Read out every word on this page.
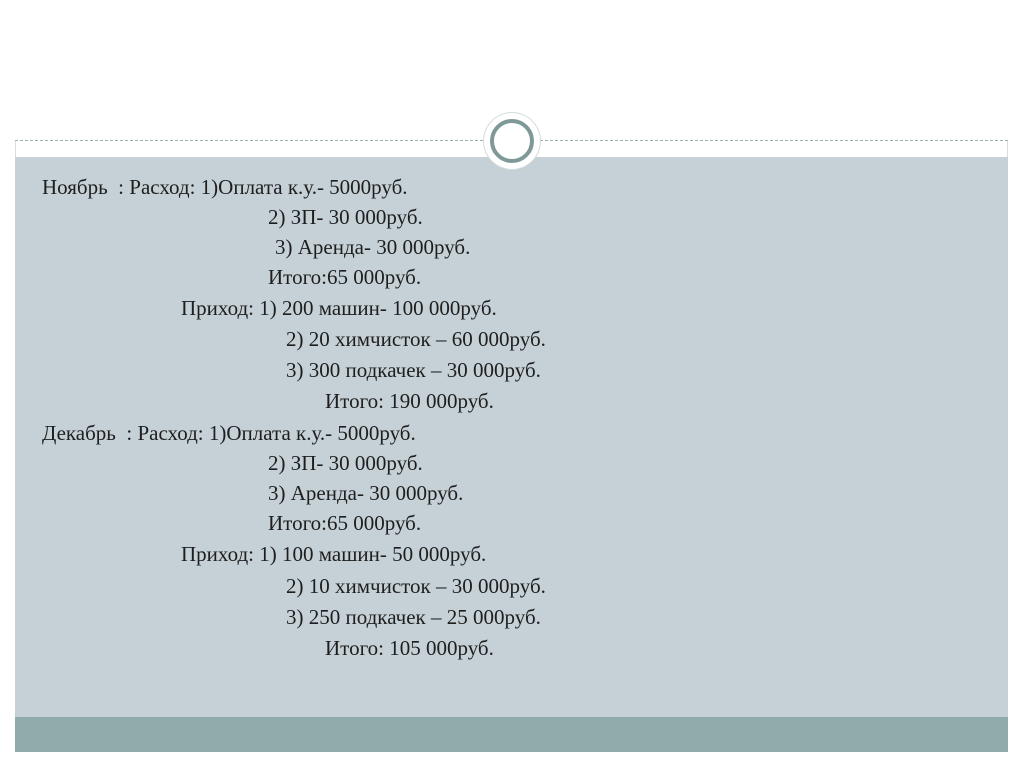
Ноябрь  : Расход: 1)Оплата к.у.- 5000руб.
2) ЗП- 30 000руб.
3) Аренда- 30 000руб.
Итого:65 000руб.
Приход: 1) 200 машин- 100 000руб.
2) 20 химчисток – 60 000руб.
3) 300 подкачек – 30 000руб.
Итого: 190 000руб.
Декабрь  : Расход: 1)Оплата к.у.- 5000руб.
2) ЗП- 30 000руб.
3) Аренда- 30 000руб.
Итого:65 000руб.
Приход: 1) 100 машин- 50 000руб.
2) 10 химчисток – 30 000руб.
3) 250 подкачек – 25 000руб.
Итого: 105 000руб.
